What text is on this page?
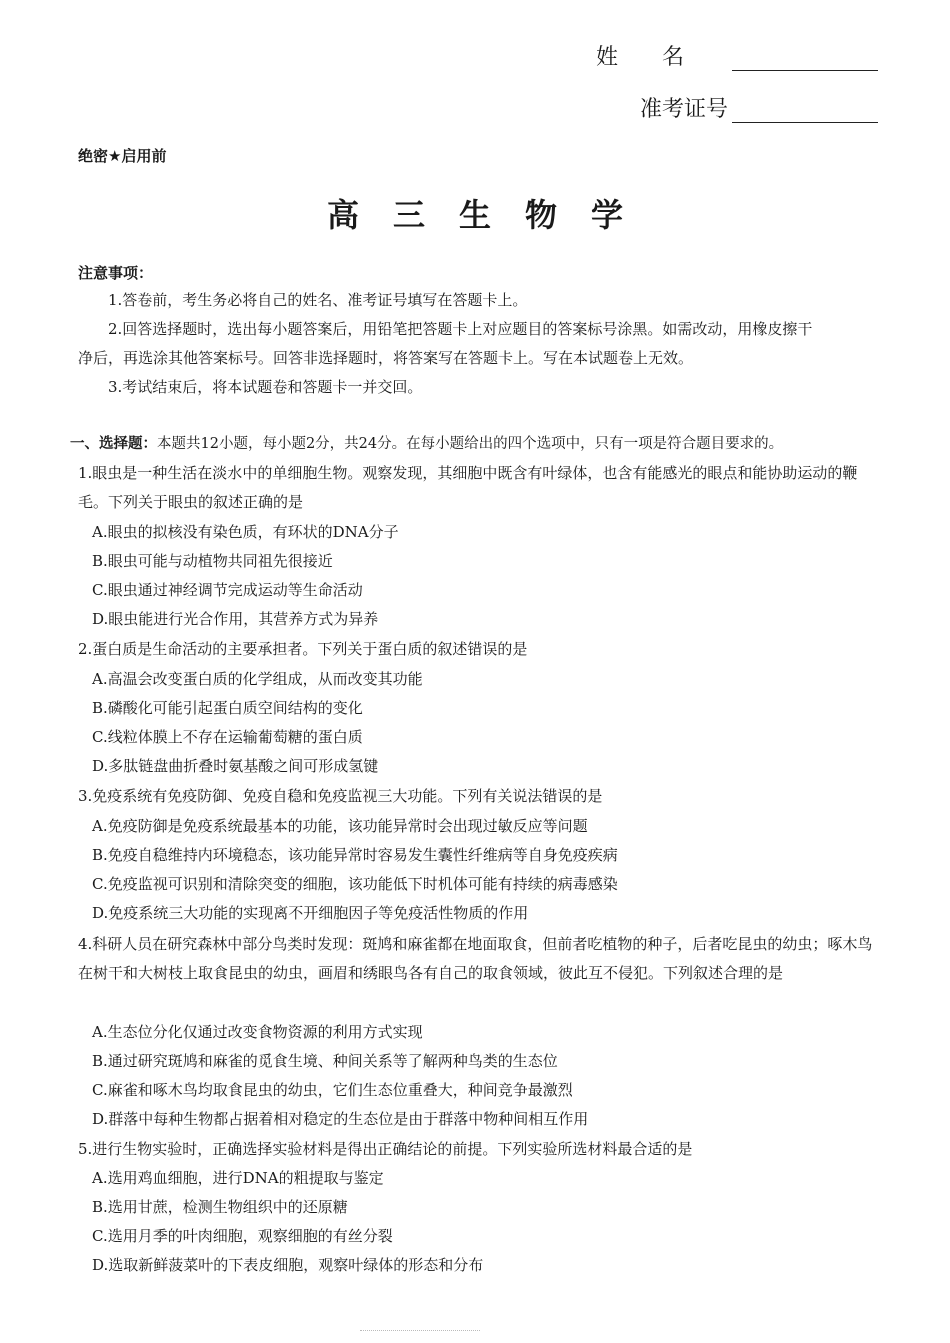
姓名
准考证号
绝密★启用前
高三生物学
注意事项：
1.答卷前，考生务必将自己的姓名、准考证号填写在答题卡上。
2.回答选择题时，选出每小题答案后，用铅笔把答题卡上对应题目的答案标号涂黑。如需改动，用橡皮擦干
净后，再选涂其他答案标号。回答非选择题时，将答案写在答题卡上。写在本试题卷上无效。
3.考试结束后，将本试题卷和答题卡一并交回。
一、选择题：本题共12小题，每小题2分，共24分。在每小题给出的四个选项中，只有一项是符合题目要求的。
1.眼虫是一种生活在淡水中的单细胞生物。观察发现，其细胞中既含有叶绿体，也含有能感光的眼点和能协助运动的鞭毛。下列关于眼虫的叙述正确的是
A.眼虫的拟核没有染色质，有环状的DNA分子
B.眼虫可能与动植物共同祖先很接近
C.眼虫通过神经调节完成运动等生命活动
D.眼虫能进行光合作用，其营养方式为异养
2.蛋白质是生命活动的主要承担者。下列关于蛋白质的叙述错误的是
A.高温会改变蛋白质的化学组成，从而改变其功能
B.磷酸化可能引起蛋白质空间结构的变化
C.线粒体膜上不存在运输葡萄糖的蛋白质
D.多肽链盘曲折叠时氨基酸之间可形成氢键
3.免疫系统有免疫防御、免疫自稳和免疫监视三大功能。下列有关说法错误的是
A.免疫防御是免疫系统最基本的功能，该功能异常时会出现过敏反应等问题
B.免疫自稳维持内环境稳态，该功能异常时容易发生囊性纤维病等自身免疫疾病
C.免疫监视可识别和清除突变的细胞，该功能低下时机体可能有持续的病毒感染
D.免疫系统三大功能的实现离不开细胞因子等免疫活性物质的作用
4.科研人员在研究森林中部分鸟类时发现：斑鸠和麻雀都在地面取食，但前者吃植物的种子，后者吃昆虫的幼虫；啄木鸟在树干和大树枝上取食昆虫的幼虫，画眉和绣眼鸟各有自己的取食领域，彼此互不侵犯。下列叙述合理的是
A.生态位分化仅通过改变食物资源的利用方式实现
B.通过研究斑鸠和麻雀的觅食生境、种间关系等了解两种鸟类的生态位
C.麻雀和啄木鸟均取食昆虫的幼虫，它们生态位重叠大，种间竞争最激烈
D.群落中每种生物都占据着相对稳定的生态位是由于群落中物种间相互作用
5.进行生物实验时，正确选择实验材料是得出正确结论的前提。下列实验所选材料最合适的是
A.选用鸡血细胞，进行DNA的粗提取与鉴定
B.选用甘蔗，检测生物组织中的还原糖
C.选用月季的叶肉细胞，观察细胞的有丝分裂
D.选取新鲜菠菜叶的下表皮细胞，观察叶绿体的形态和分布
